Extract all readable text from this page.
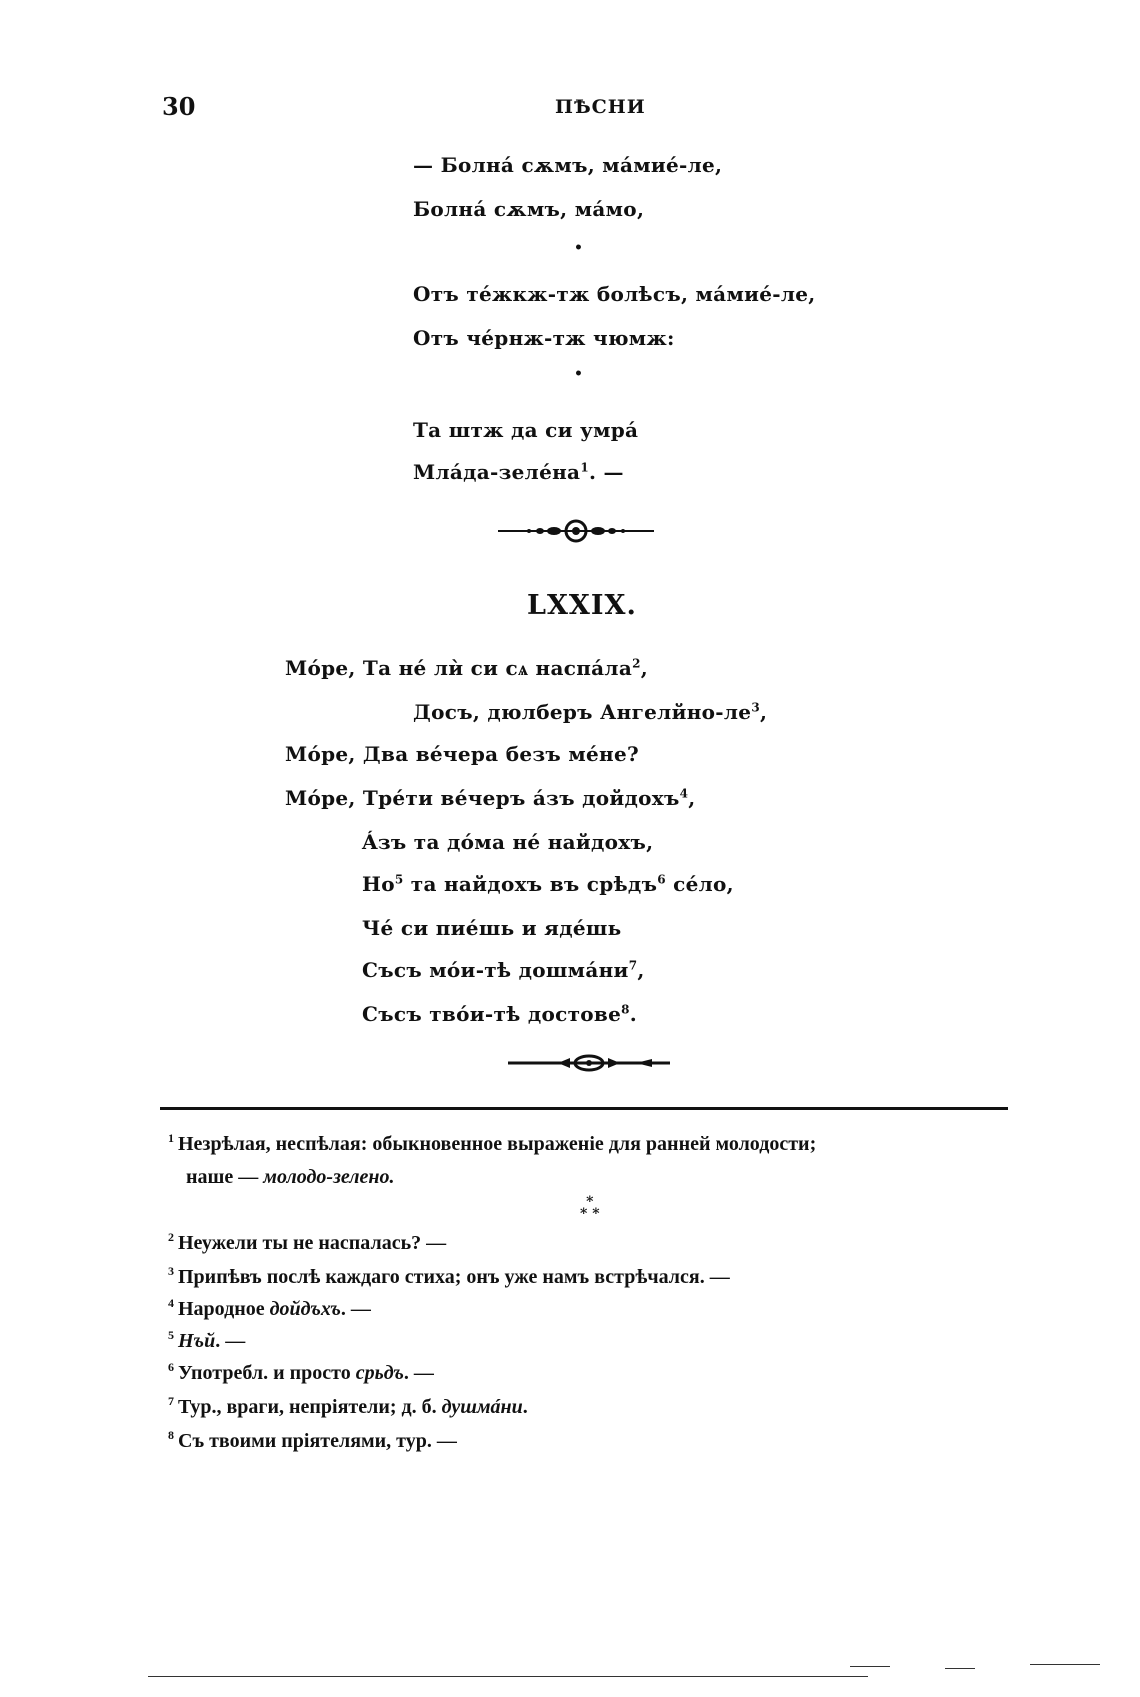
30	ПѢСНИ
— Болнá сѫмъ, мáмиé-ле,
Болнá сѫмъ, мáмо,
•
Отъ тéжкж-тж болѣсъ, мáмиé-ле,
Отъ чéрнж-тж чюмж:
•
Та штж да си умрá
Млáда-зелéна$^1$. —
LXXIX.
Мóре, Та нé лѝ си сѧ наспáла$^2$,
Досъ, дюлберъ Ангелйно-$ле^3$,
Мóре, Два вéчера безъ мéне?
Мóре, Трéти вéчеръ áзъ дойдохъ$^4$,
Áзъ та дóма нé найдохъ,
$Но^5$ та найдохъ въ срѣдъ$^6$ сéло,
Чé си пиéшь и ядéшь
Съсъ мóи-тѣ дошмáни$^7$,
Съсъ твóи-тѣ достове$^8$.
$^1$ Незрѣлая, неспѣлая: обыкновенное выраженіе для ранней молодости;
наше — молодо-зелено.
*
* *
$^2$ Неужели ты не наспалась? —
$^3$ Припѣвъ послѣ каждаго стиха; онъ уже намъ встрѣчался. —
$^4$ Народное дойдъхъ. —
$^5$ Нъй. —
$^6$ Употребл. и просто срьдъ. —
$^7$ Тур., враги, непріятели; д. б. душмáни.
$^8$ Съ твоими пріятелями, тур. —
